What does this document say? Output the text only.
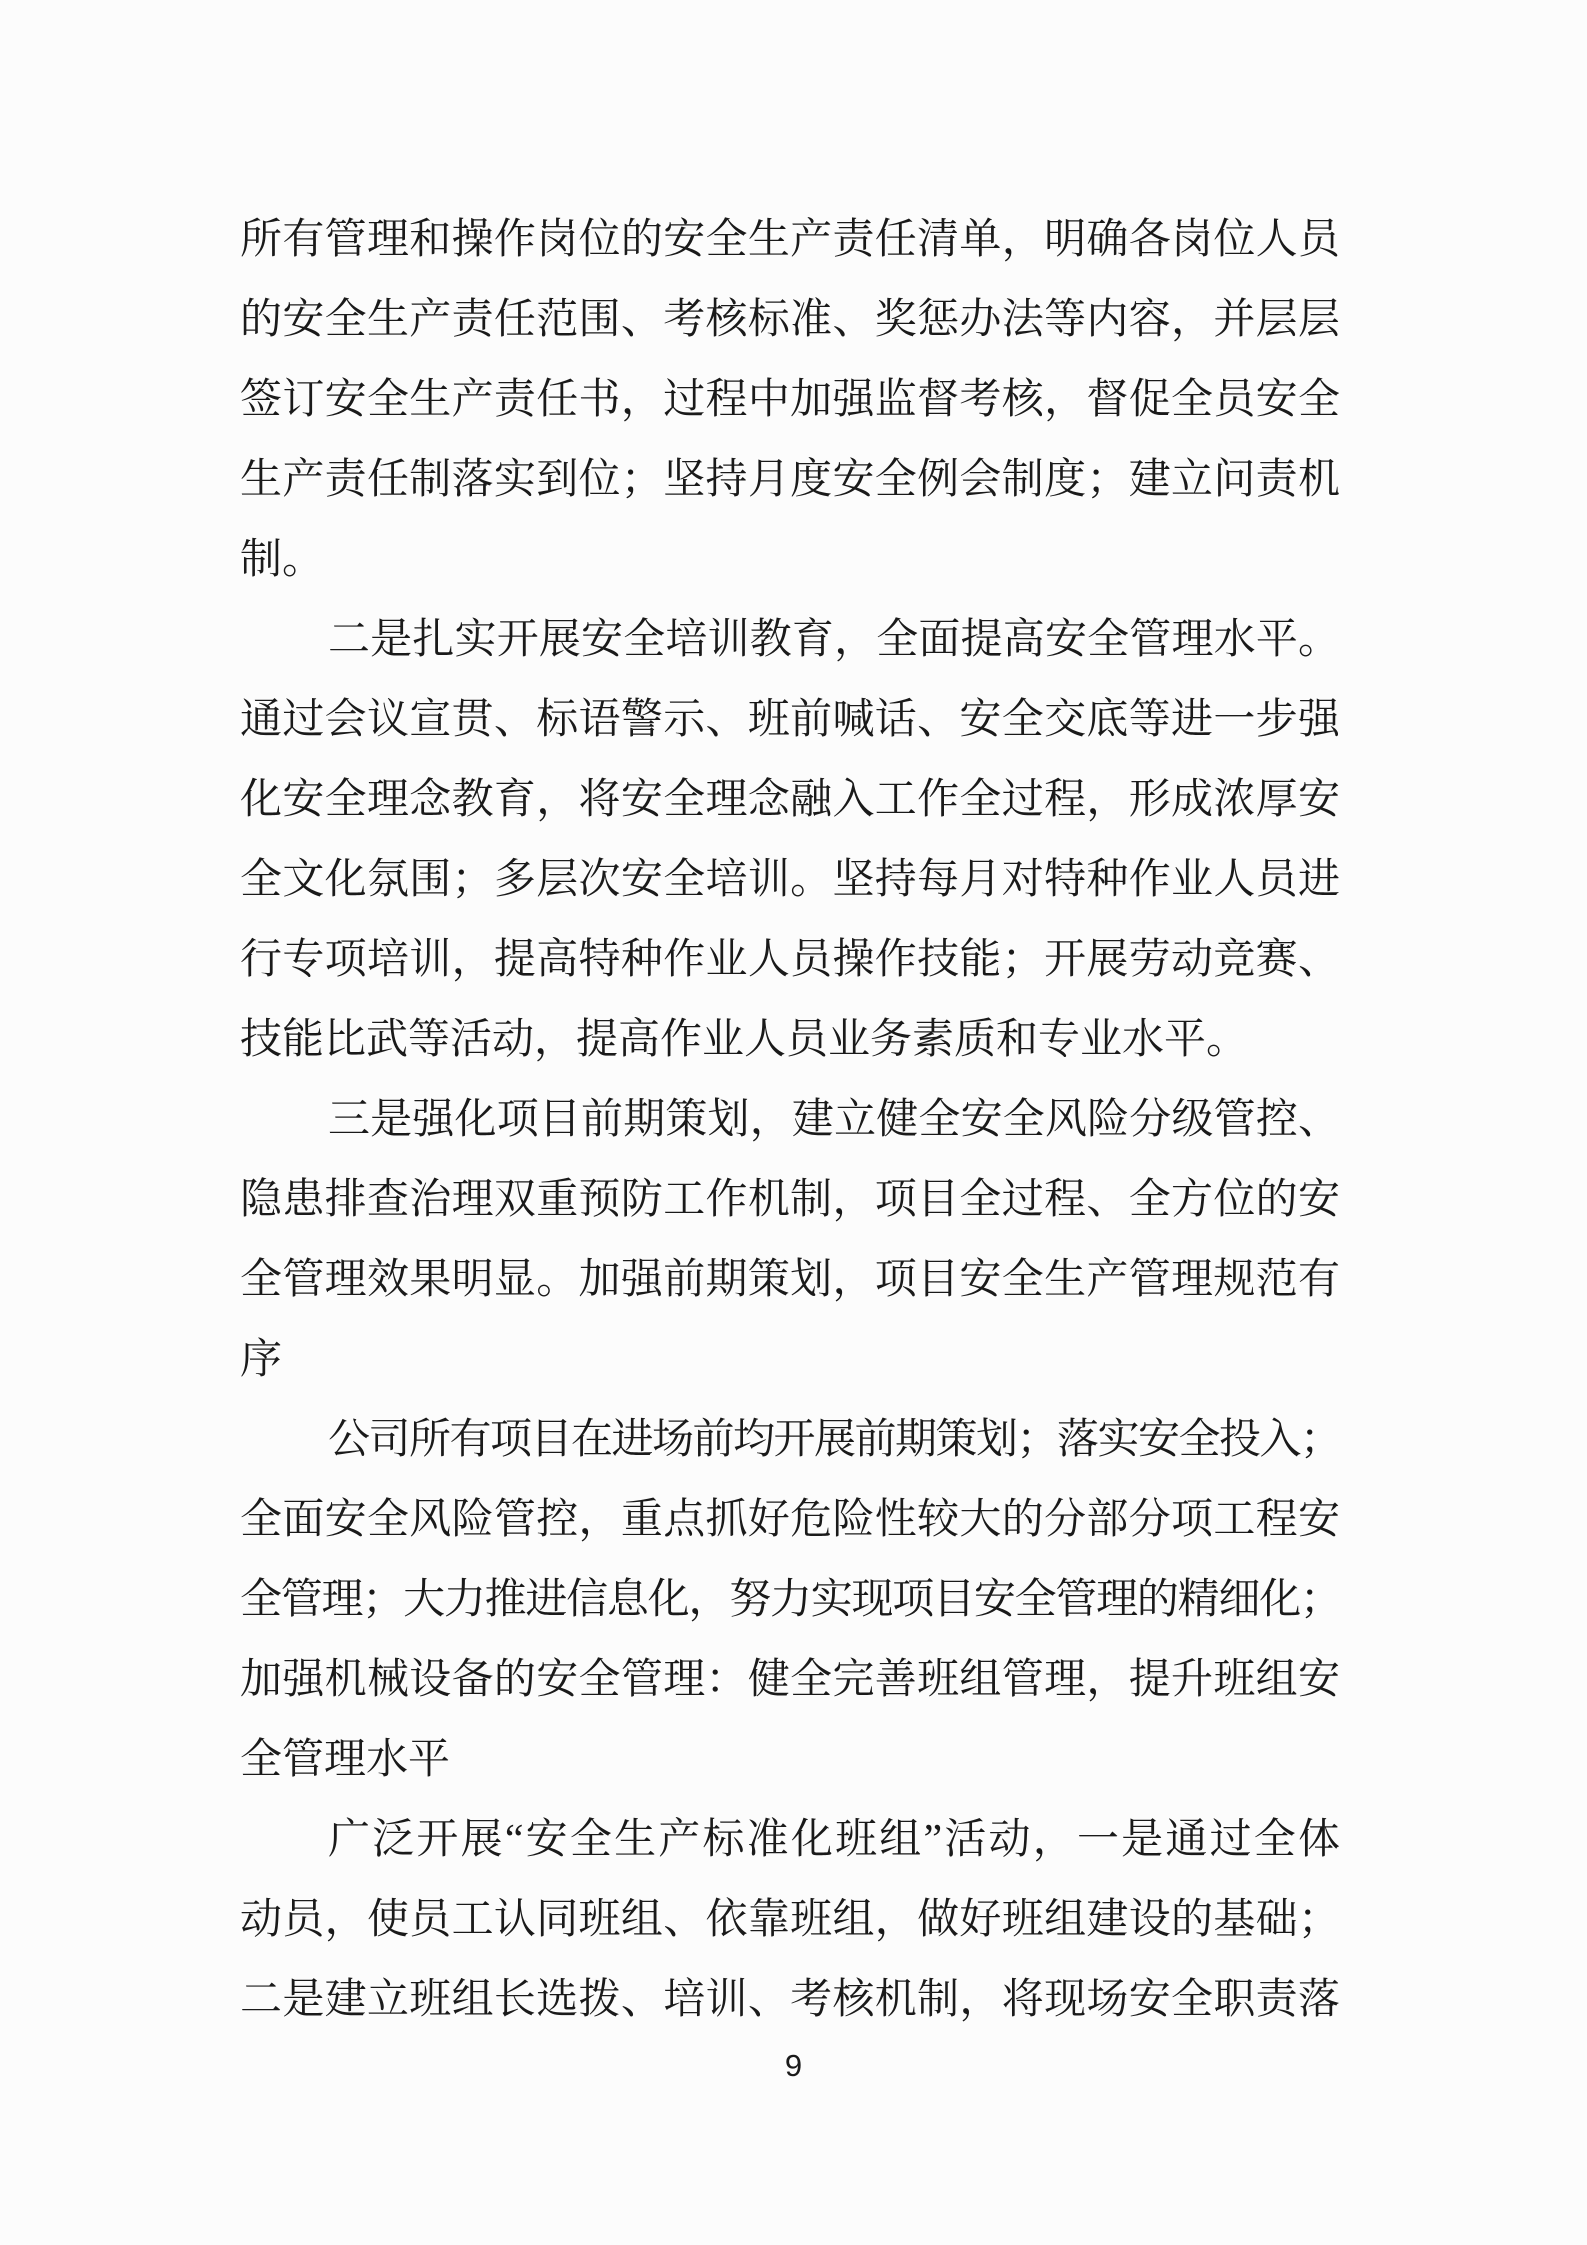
所有管理和操作岗位的安全生产责任清单，明确各岗位人员
的安全生产责任范围、考核标准、奖惩办法等内容，并层层
签订安全生产责任书，过程中加强监督考核，督促全员安全
生产责任制落实到位；坚持月度安全例会制度；建立问责机
制。
二是扎实开展安全培训教育，全面提高安全管理水平。
通过会议宣贯、标语警示、班前喊话、安全交底等进一步强
化安全理念教育，将安全理念融入工作全过程，形成浓厚安
全文化氛围；多层次安全培训。坚持每月对特种作业人员进
行专项培训，提高特种作业人员操作技能；开展劳动竞赛、
技能比武等活动，提高作业人员业务素质和专业水平。
三是强化项目前期策划，建立健全安全风险分级管控、
隐患排查治理双重预防工作机制，项目全过程、全方位的安
全管理效果明显。加强前期策划，项目安全生产管理规范有
序
公司所有项目在进场前均开展前期策划；落实安全投入；
全面安全风险管控，重点抓好危险性较大的分部分项工程安
全管理；大力推进信息化，努力实现项目安全管理的精细化；
加强机械设备的安全管理：健全完善班组管理，提升班组安
全管理水平
广泛开展“安全生产标准化班组”活动，一是通过全体
动员，使员工认同班组、依靠班组，做好班组建设的基础；
二是建立班组长选拨、培训、考核机制，将现场安全职责落
9
